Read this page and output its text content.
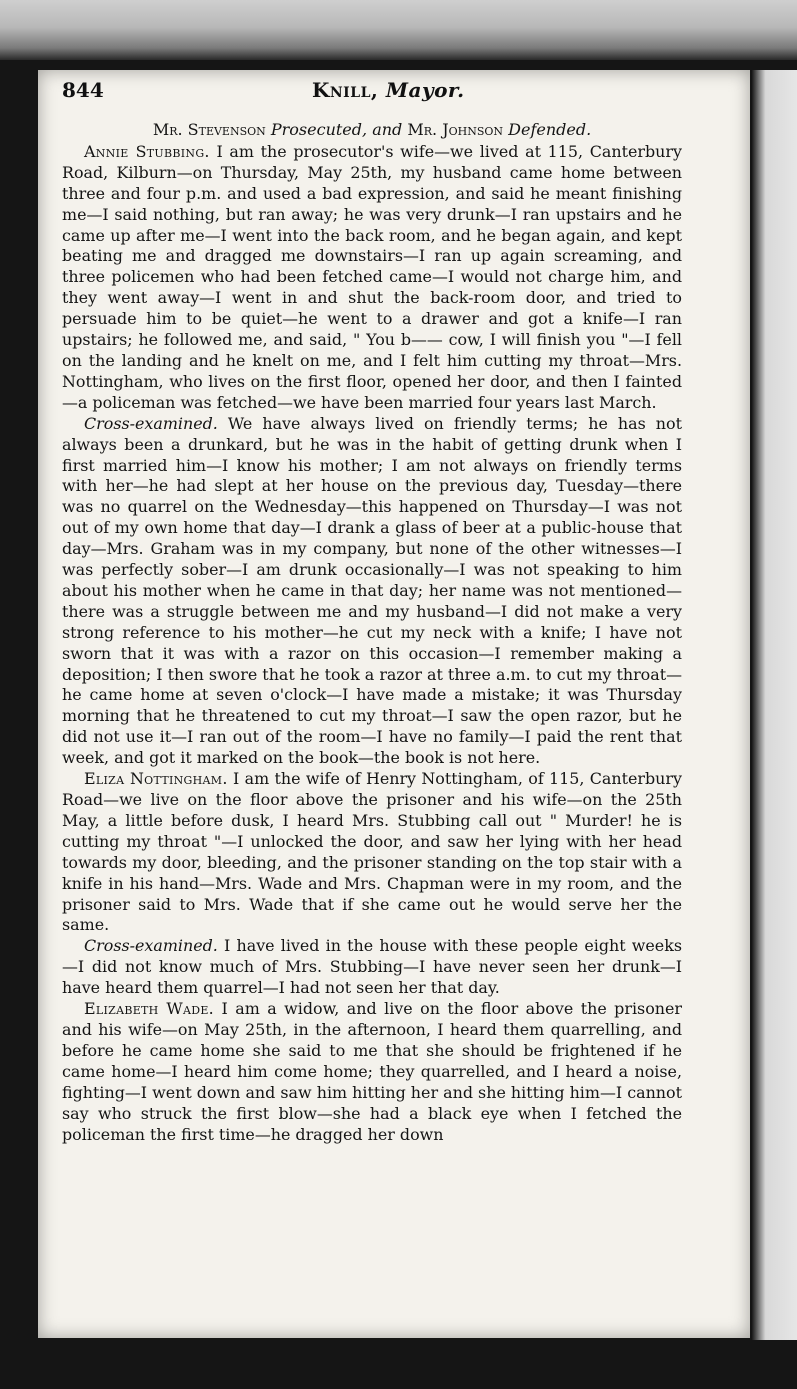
844	Knill, Mayor.

Mr. Stevenson Prosecuted, and Mr. Johnson Defended.

Annie Stubbing. I am the prosecutor's wife—we lived at 115, Canterbury Road, Kilburn—on Thursday, May 25th, my husband came home between three and four p.m. and used a bad expression, and said he meant finishing me—I said nothing, but ran away; he was very drunk—I ran upstairs and he came up after me—I went into the back room, and he began again, and kept beating me and dragged me downstairs—I ran up again screaming, and three policemen who had been fetched came—I would not charge him, and they went away—I went in and shut the back-room door, and tried to persuade him to be quiet—he went to a drawer and got a knife—I ran upstairs; he followed me, and said, " You b—— cow, I will finish you "—I fell on the landing and he knelt on me, and I felt him cutting my throat—Mrs. Nottingham, who lives on the first floor, opened her door, and then I fainted—a policeman was fetched—we have been married four years last March.

Cross-examined. We have always lived on friendly terms; he has not always been a drunkard, but he was in the habit of getting drunk when I first married him—I know his mother; I am not always on friendly terms with her—he had slept at her house on the previous day, Tuesday—there was no quarrel on the Wednesday—this happened on Thursday—I was not out of my own home that day—I drank a glass of beer at a public-house that day—Mrs. Graham was in my company, but none of the other witnesses—I was perfectly sober—I am drunk occasionally—I was not speaking to him about his mother when he came in that day; her name was not mentioned—there was a struggle between me and my husband—I did not make a very strong reference to his mother—he cut my neck with a knife; I have not sworn that it was with a razor on this occasion—I remember making a deposition; I then swore that he took a razor at three a.m. to cut my throat—he came home at seven o'clock—I have made a mistake; it was Thursday morning that he threatened to cut my throat—I saw the open razor, but he did not use it—I ran out of the room—I have no family—I paid the rent that week, and got it marked on the book—the book is not here.

Eliza Nottingham. I am the wife of Henry Nottingham, of 115, Canterbury Road—we live on the floor above the prisoner and his wife—on the 25th May, a little before dusk, I heard Mrs. Stubbing call out " Murder! he is cutting my throat "—I unlocked the door, and saw her lying with her head towards my door, bleeding, and the prisoner standing on the top stair with a knife in his hand—Mrs. Wade and Mrs. Chapman were in my room, and the prisoner said to Mrs. Wade that if she came out he would serve her the same.

Cross-examined. I have lived in the house with these people eight weeks—I did not know much of Mrs. Stubbing—I have never seen her drunk—I have heard them quarrel—I had not seen her that day.

Elizabeth Wade. I am a widow, and live on the floor above the prisoner and his wife—on May 25th, in the afternoon, I heard them quarrelling, and before he came home she said to me that she should be frightened if he came home—I heard him come home; they quarrelled, and I heard a noise, fighting—I went down and saw him hitting her and she hitting him—I cannot say who struck the first blow—she had a black eye when I fetched the policeman the first time—he dragged her down
